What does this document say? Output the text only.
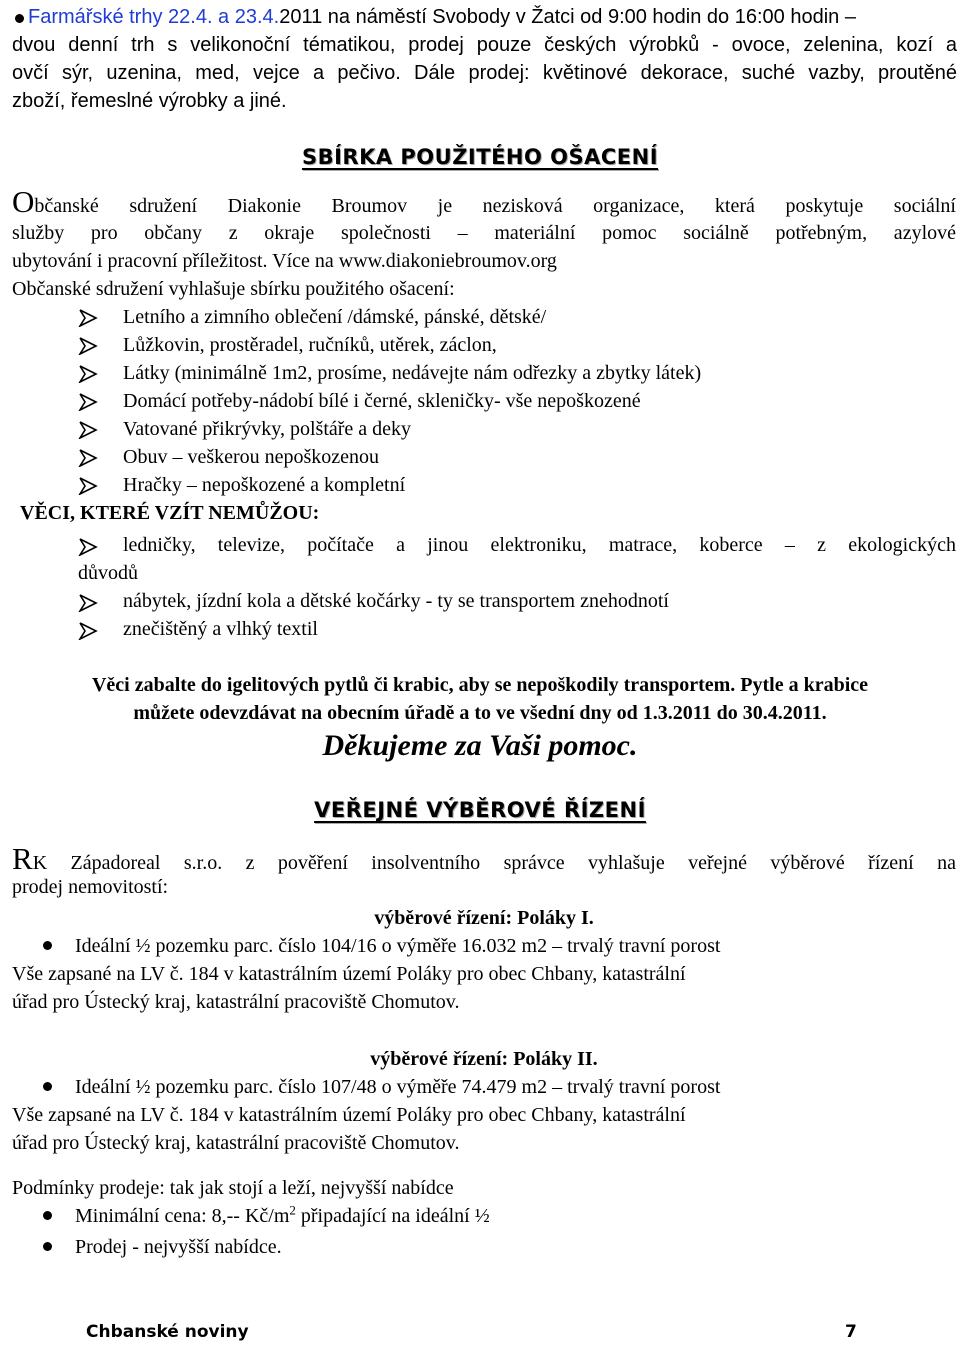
Farmářské trhy 22.4. a 23.4.2011 na náměstí Svobody v Žatci od 9:00 hodin do 16:00 hodin –
dvou denní trh s velikonoční tématikou, prodej pouze českých výrobků - ovoce, zelenina, kozí a
ovčí sýr, uzenina, med, vejce a pečivo. Dále prodej: květinové dekorace, suché vazby, proutěné
zboží, řemeslné výrobky a jiné.
SBÍRKA POUŽITÉHO OŠACENÍ
Občanské sdružení Diakonie Broumov je nezisková organizace, která poskytuje sociální
služby pro občany z okraje společnosti – materiální pomoc sociálně potřebným, azylové
ubytování i pracovní příležitost. Více na www.diakoniebroumov.org
Občanské sdružení vyhlašuje sbírku použitého ošacení:
Letního a zimního oblečení /dámské, pánské, dětské/
Lůžkovin, prostěradel, ručníků, utěrek, záclon,
Látky (minimálně 1m2, prosíme, nedávejte nám odřezky a zbytky látek)
Domácí potřeby-nádobí bílé i černé, skleničky- vše nepoškozené
Vatované přikrývky, polštáře a deky
Obuv – veškerou nepoškozenou
Hračky – nepoškozené a kompletní
VĚCI, KTERÉ VZÍT NEMŮŽOU:
ledničky, televize, počítače a jinou elektroniku, matrace, koberce – z ekologických
důvodů
nábytek, jízdní kola a dětské kočárky - ty se transportem znehodnotí
znečištěný a vlhký textil
Věci zabalte do igelitových pytlů či krabic, aby se nepoškodily transportem. Pytle a krabice
můžete odevzdávat na obecním úřadě a to ve všední dny od 1.3.2011 do 30.4.2011.
Děkujeme za Vaši pomoc.
VEŘEJNÉ VÝBĚROVÉ ŘÍZENÍ
RK Západoreal s.r.o. z pověření insolventního správce vyhlašuje veřejné výběrové řízení na
prodej nemovitostí:
výběrové řízení: Poláky I.
Ideální ½ pozemku parc. číslo 104/16 o výměře 16.032 m2 – trvalý travní porost
Vše zapsané na LV č. 184 v katastrálním území Poláky pro obec Chbany, katastrální
úřad pro Ústecký kraj, katastrální pracoviště Chomutov.
výběrové řízení: Poláky II.
Ideální ½ pozemku parc. číslo 107/48 o výměře 74.479 m2 – trvalý travní porost
Vše zapsané na LV č. 184 v katastrálním území Poláky pro obec Chbany, katastrální
úřad pro Ústecký kraj, katastrální pracoviště Chomutov.
Podmínky prodeje: tak jak stojí a leží, nejvyšší nabídce
Minimální cena: 8,-- $Kč/m^2$ připadající na ideální ½
Prodej - nejvyšší nabídce.
Chbanské noviny	7
